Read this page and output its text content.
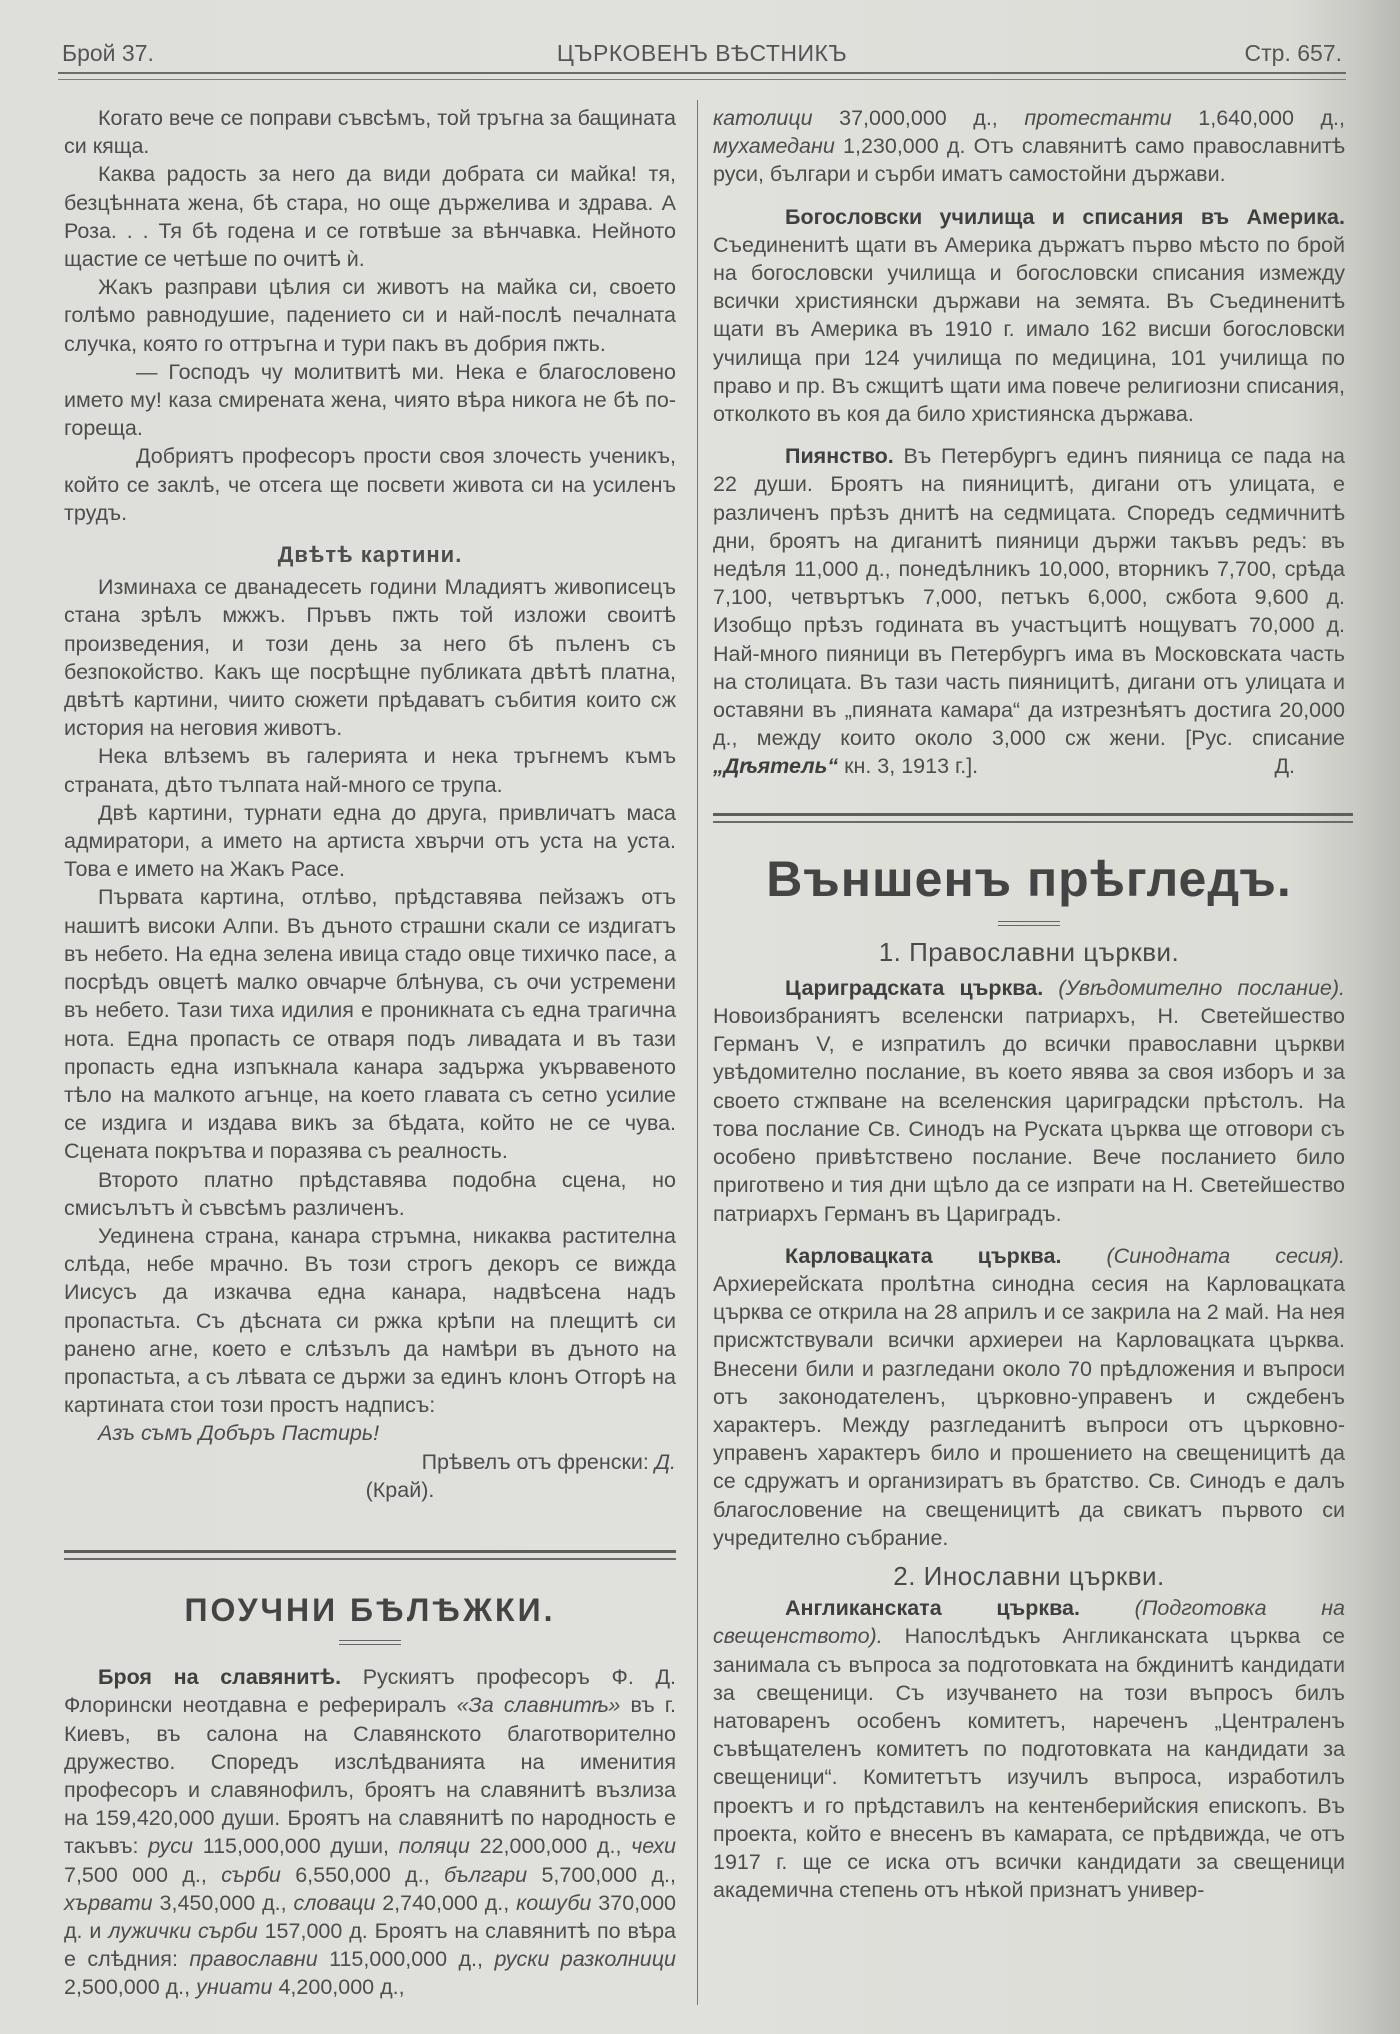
Брой 37.	ЦЪРКОВЕНЪ ВѢСТНИКЪ	Стр. 657.

Когато вече се поправи съвсѣмъ, той тръгна за бащината си кяща.

Каква радость за него да види добрата си майка! тя, безцѣнната жена, бѣ стара, но още държелива и здрава. А Роза. . . Тя бѣ годена и се готвѣше за вѣнчавка. Нейното щастие се четѣше по очитѣ ѝ.

Жакъ разправи цѣлия си животъ на майка си, своето голѣмо равнодушие, падението си и най-послѣ печалната случка, която го оттръгна и тури пакъ въ добрия пжть.

— Господъ чу молитвитѣ ми. Нека е благословено името му! каза смирената жена, чиято вѣра никога не бѣ по-гореща.

Добриятъ професоръ прости своя злочесть ученикъ, който се заклѣ, че отсега ще посвети живота си на усиленъ трудъ.

Двѣтѣ картини.

Изминаха се дванадесеть години Младиятъ живописецъ стана зрѣлъ мжжъ. Пръвъ пжть той изложи своитѣ произведения, и този день за него бѣ пъленъ съ безпокойство. Какъ ще посрѣщне публиката двѣтѣ платна, двѣтѣ картини, чиито сюжети прѣдаватъ събития които сж история на неговия животъ.

Нека влѣземъ въ галерията и нека тръгнемъ къмъ страната, дѣто тълпата най-много се трупа.

Двѣ картини, турнати една до друга, привличатъ маса адмиратори, а името на артиста хвърчи отъ уста на уста. Това е името на Жакъ Расе.

Първата картина, отлѣво, прѣдставява пейзажъ отъ нашитѣ високи Алпи. Въ дъното страшни скали се издигатъ въ небето. На една зелена ивица стадо овце тихичко пасе, а посрѣдъ овцетѣ малко овчарче блѣнува, съ очи устремени въ небето. Тази тиха идилия е проникната съ една трагична нота. Една пропасть се отваря подъ ливадата и въ тази пропасть една изпъкнала канара задържа укървавеното тѣло на малкото агънце, на което главата съ сетно усилие се издига и издава викъ за бѣдата, който не се чува. Сцената покрътва и поразява съ реалность.

Второто платно прѣдставява подобна сцена, но смисълътъ ѝ съвсѣмъ различенъ.

Уединена страна, канара стръмна, никаква растителна слѣда, небе мрачно. Въ този строгъ декоръ се вижда Иисусъ да изкачва една канара, надвѣсена надъ пропастьта. Съ дѣсната си ржка крѣпи на плещитѣ си ранено агне, което е слѣзълъ да намѣри въ дъното на пропастьта, а съ лѣвата се държи за единъ клонъ Отгорѣ на картината стои този простъ надписъ:

Азъ съмъ Добъръ Пастирь!

Прѣвелъ отъ френски: Д.

(Край).

ПОУЧНИ БѢЛѢЖКИ.

Броя на славянитѣ. Рускиятъ професоръ Ф. Д. Флорински неотдавна е рефериралъ «За славнитѣ» въ г. Киевъ, въ салона на Славянското благотворително дружество. Споредъ изслѣдванията на именития професоръ и славянофилъ, броятъ на славянитѣ възлиза на 159,420,000 души. Броятъ на славянитѣ по народность е такъвъ: руси 115,000,000 души, поляци 22,000,000 д., чехи 7,500 000 д., сърби 6,550,000 д., българи 5,700,000 д., хървати 3,450,000 д., словаци 2,740,000 д., кошуби 370,000 д. и лужички сърби 157,000 д. Броятъ на славянитѣ по вѣра е слѣдния: православни 115,000,000 д., руски разколници 2,500,000 д., униати 4,200,000 д.,

католици 37,000,000 д., протестанти 1,640,000 д., мухамедани 1,230,000 д. Отъ славянитѣ само православнитѣ руси, българи и сърби иматъ самостойни държави.

Богословски училища и списания въ Америка. Съединенитѣ щати въ Америка държатъ първо мѣсто по брой на богословски училища и богословски списания измежду всички християнски държави на земята. Въ Съединенитѣ щати въ Америка въ 1910 г. имало 162 висши богословски училища при 124 училища по медицина, 101 училища по право и пр. Въ сжщитѣ щати има повече религиозни списания, отколкото въ коя да било християнска държава.

Пиянство. Въ Петербургъ единъ пияница се пада на 22 души. Броятъ на пияницитѣ, дигани отъ улицата, е различенъ прѣзъ днитѣ на седмицата. Споредъ седмичнитѣ дни, броятъ на диганитѣ пияници държи такъвъ редъ: въ недѣля 11,000 д., понедѣлникъ 10,000, вторникъ 7,700, срѣда 7,100, четвъртъкъ 7,000, петъкъ 6,000, сжбота 9,600 д. Изобщо прѣзъ годината въ участъцитѣ нощуватъ 70,000 д. Най-много пияници въ Петербургъ има въ Московската часть на столицата. Въ тази часть пияницитѣ, дигани отъ улицата и оставяни въ „пияната камара“ да изтрезнѣятъ достига 20,000 д., между които около 3,000 сж жени. [Рус. списание „Дѣятель“ кн. 3, 1913 г.].	Д.

Външенъ прѣгледъ.
1. Православни църкви.

Цариградската църква. (Увѣдомително послание). Новоизбраниятъ вселенски патриархъ, Н. Светейшество Германъ V, е изпратилъ до всички православни църкви увѣдомително послание, въ което явява за своя изборъ и за своето стжпване на вселенския цариградски прѣстолъ. На това послание Св. Синодъ на Руската църква ще отговори съ особено привѣтствено послание. Вече посланието било приготвено и тия дни щѣло да се изпрати на Н. Светейшество патриархъ Германъ въ Цариградъ.

Карловацката църква. (Синодната сесия). Архиерейската пролѣтна синодна сесия на Карловацката църква се открила на 28 априлъ и се закрила на 2 май. На нея присжтствували всички архиереи на Карловацката църква. Внесени били и разгледани около 70 прѣдложения и въпроси отъ законодателенъ, църковно-управенъ и сждебенъ характеръ. Между разгледанитѣ въпроси отъ църковно-управенъ характеръ било и прошението на свещеницитѣ да се сдружатъ и организиратъ въ братство. Св. Синодъ е далъ благословение на свещеницитѣ да свикатъ първото си учредително събрание.

2. Инославни църкви.

Англиканската църква.	(Подготовка на свещенството). Напослѣдъкъ Англиканската църква се занимала съ въпроса за подготовката на бждинитѣ кандидати за свещеници. Съ изучването на този въпросъ билъ натоваренъ особенъ комитетъ, нареченъ „Централенъ съвѣщателенъ комитетъ по подготовката на кандидати за свещеници“. Комитетътъ изучилъ въпроса, изработилъ проектъ и го прѣдставилъ на кентенберийския епископъ. Въ проекта, който е внесенъ въ камарата, се прѣдвижда, че отъ 1917 г. ще се иска отъ всички кандидати за свещеници академична степень отъ нѣкой признатъ универ-
